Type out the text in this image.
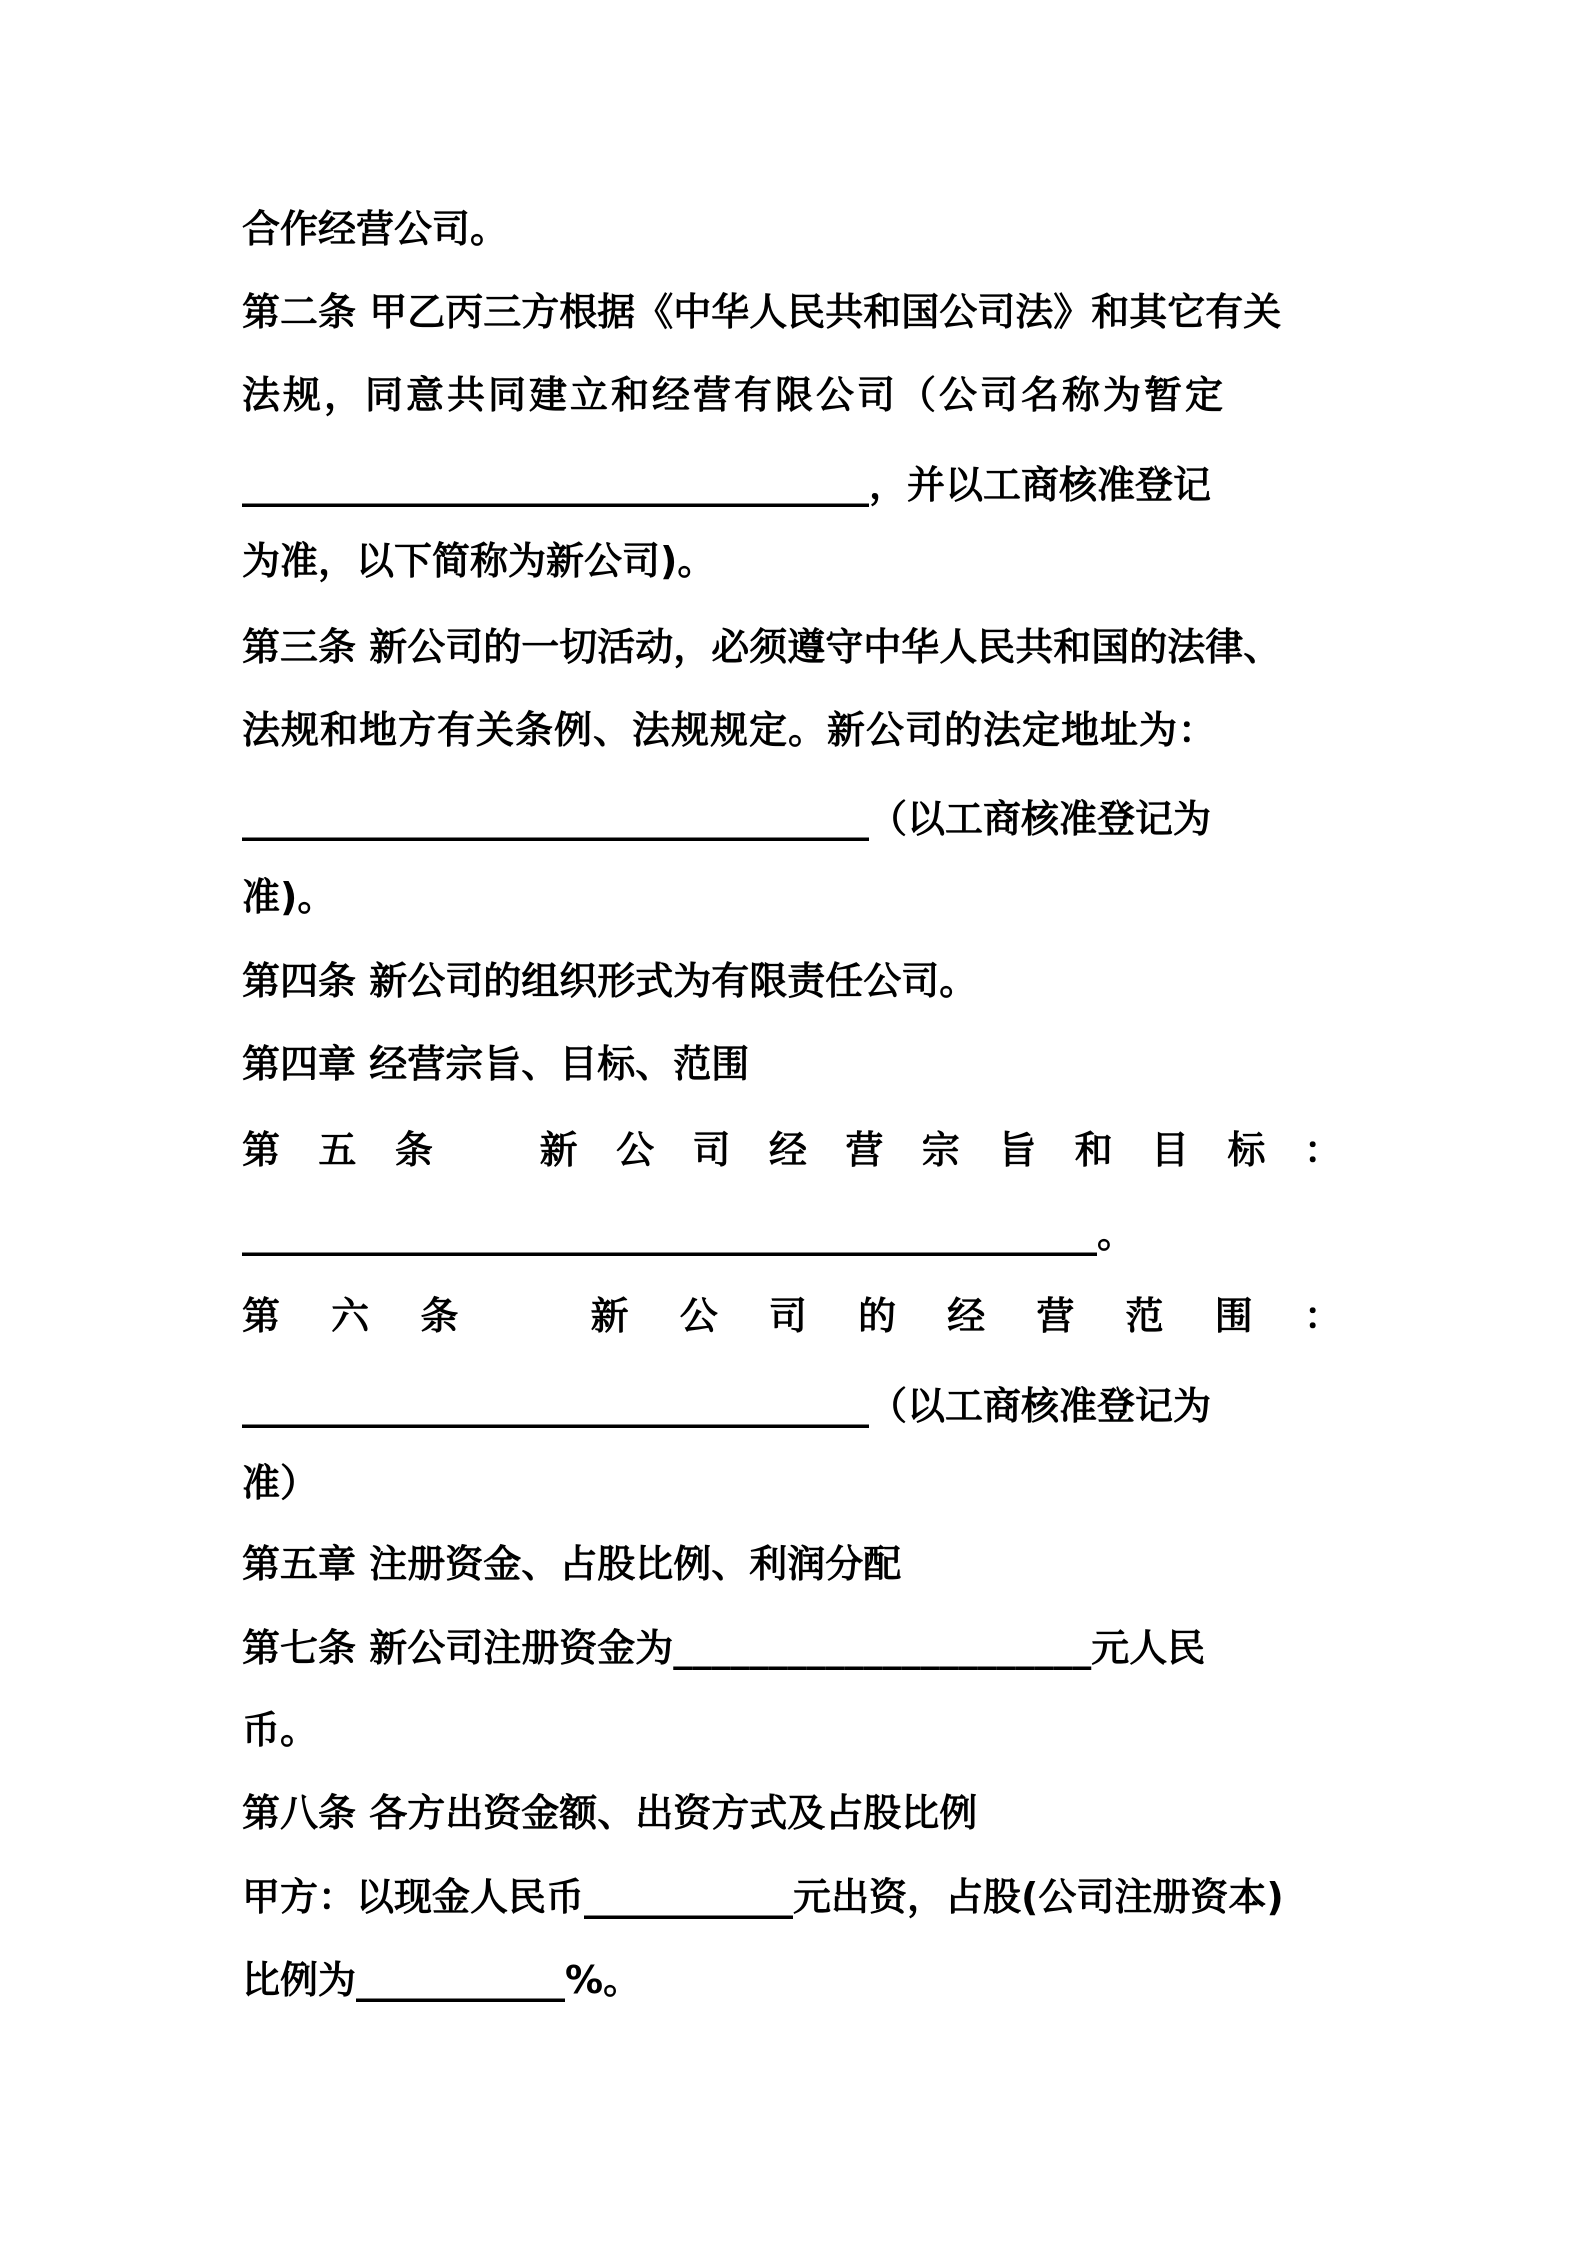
合作经营公司。
第二条 甲乙丙三方根据《中华人民共和国公司法》和其它有关
法规，同意共同建立和经营有限公司（公司名称为暂定
_________________________________，并以工商核准登记
为准，以下简称为新公司)。
第三条 新公司的一切活动，必须遵守中华人民共和国的法律、
法规和地方有关条例、法规规定。新公司的法定地址为：
_________________________________（以工商核准登记为
准)。
第四条 新公司的组织形式为有限责任公司。
第四章 经营宗旨、目标、范围
第 五 条	新 公 司 经 营 宗 旨 和 目 标 ：
_____________________________________________。
第 六 条	新 公 司 的 经 营 范 围 ：
_________________________________（以工商核准登记为
准）
第五章 注册资金、占股比例、利润分配
第七条 新公司注册资金为______________________元人民
币。
第八条 各方出资金额、出资方式及占股比例
甲方：以现金人民币___________元出资，占股(公司注册资本)
比例为___________%。
